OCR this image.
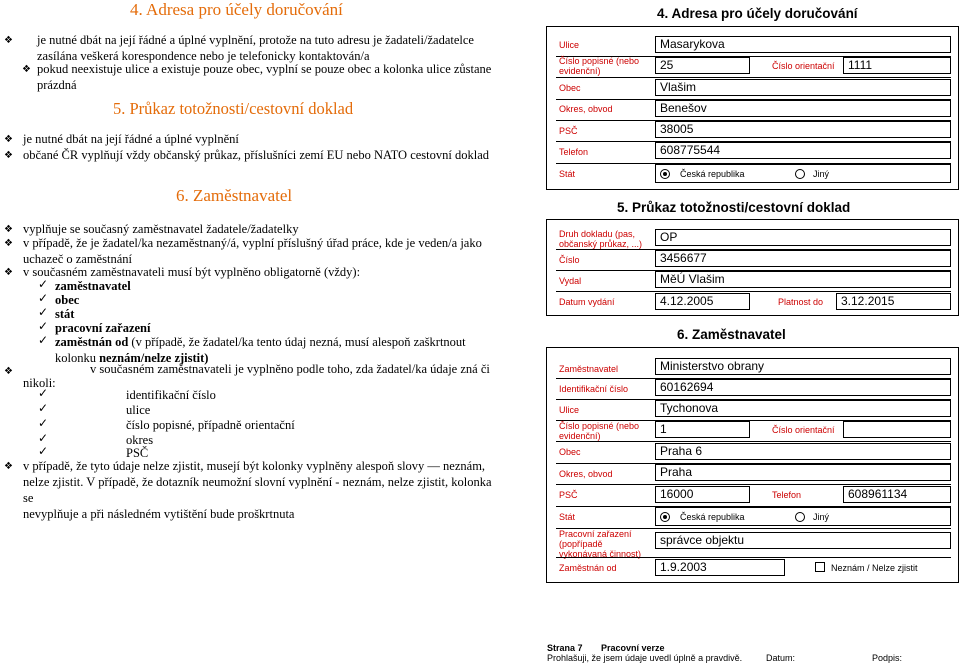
4. Adresa pro účely doručování
❖ je nutné dbát na její řádné a úplné vyplnění, protože na tuto adresu je žadateli/žadatelce
zasílána veškerá korespondence nebo je telefonicky kontaktován/a
❖ pokud neexistuje ulice a existuje pouze obec, vyplní se pouze obec a kolonka ulice zůstane
prázdná
5. Průkaz totožnosti/cestovní doklad
❖ je nutné dbát na její řádné a úplné vyplnění
❖ občané ČR vyplňují vždy občanský průkaz, příslušníci zemí EU nebo NATO cestovní doklad
6. Zaměstnavatel
❖ vyplňuje se současný zaměstnavatel žadatele/žadatelky
❖ v případě, že je žadatel/ka nezaměstnaný/á, vyplní příslušný úřad práce, kde je veden/a jako
uchazeč o zaměstnání
❖ v současném zaměstnavateli musí být vyplněno obligatorně (vždy):
✓ zaměstnavatel
✓ obec
✓ stát
✓ pracovní zařazení
✓ zaměstnán od (v případě, že žadatel/ka tento údaj nezná, musí alespoň zaškrtnout
kolonku neznám/nelze zjistit)
❖	v současném zaměstnavateli je vyplněno podle toho, zda žadatel/ka údaje zná či
nikoli:
✓	identifikační číslo
✓	ulice
✓	číslo popisné, případně orientační
✓	okres
✓	PSČ
❖ v případě, že tyto údaje nelze zjistit, musejí být kolonky vyplněny alespoň slovy — neznám,
nelze zjistit. V případě, že dotazník neumožní slovní vyplnění - neznám, nelze zjistit, kolonka se
nevyplňuje a při následném vytištění bude proškrtnuta
4. Adresa pro účely doručování
Ulice	Masarykova
Číslo popisné (nebo evidenční)	25	Číslo orientační	1111
Obec	Vlašim
Okres, obvod	Benešov
PSČ	38005
Telefon	608775544
Stát	Česká republika	Jiný
5. Průkaz totožnosti/cestovní doklad
Druh dokladu (pas, občanský průkaz, ...)	OP
Číslo	3456677
Vydal	MěÚ Vlašim
Datum vydání	4.12.2005	Platnost do	3.12.2015
6. Zaměstnavatel
Zaměstnavatel	Ministerstvo obrany
Identifikační číslo	60162694
Ulice	Tychonova
Číslo popisné (nebo evidenční)	1	Číslo orientační
Obec	Praha 6
Okres, obvod	Praha
PSČ	16000	Telefon	608961134
Stát	Česká republika	Jiný
Pracovní zařazení (popřípadě vykonávaná činnost)
správce objektu
Zaměstnán od	1.9.2003	Neznám / Nelze zjistit
Strana 7 Pracovní verze
Prohlašuji, že jsem údaje uvedl úplně a pravdivě.	Datum:	Podpis:
